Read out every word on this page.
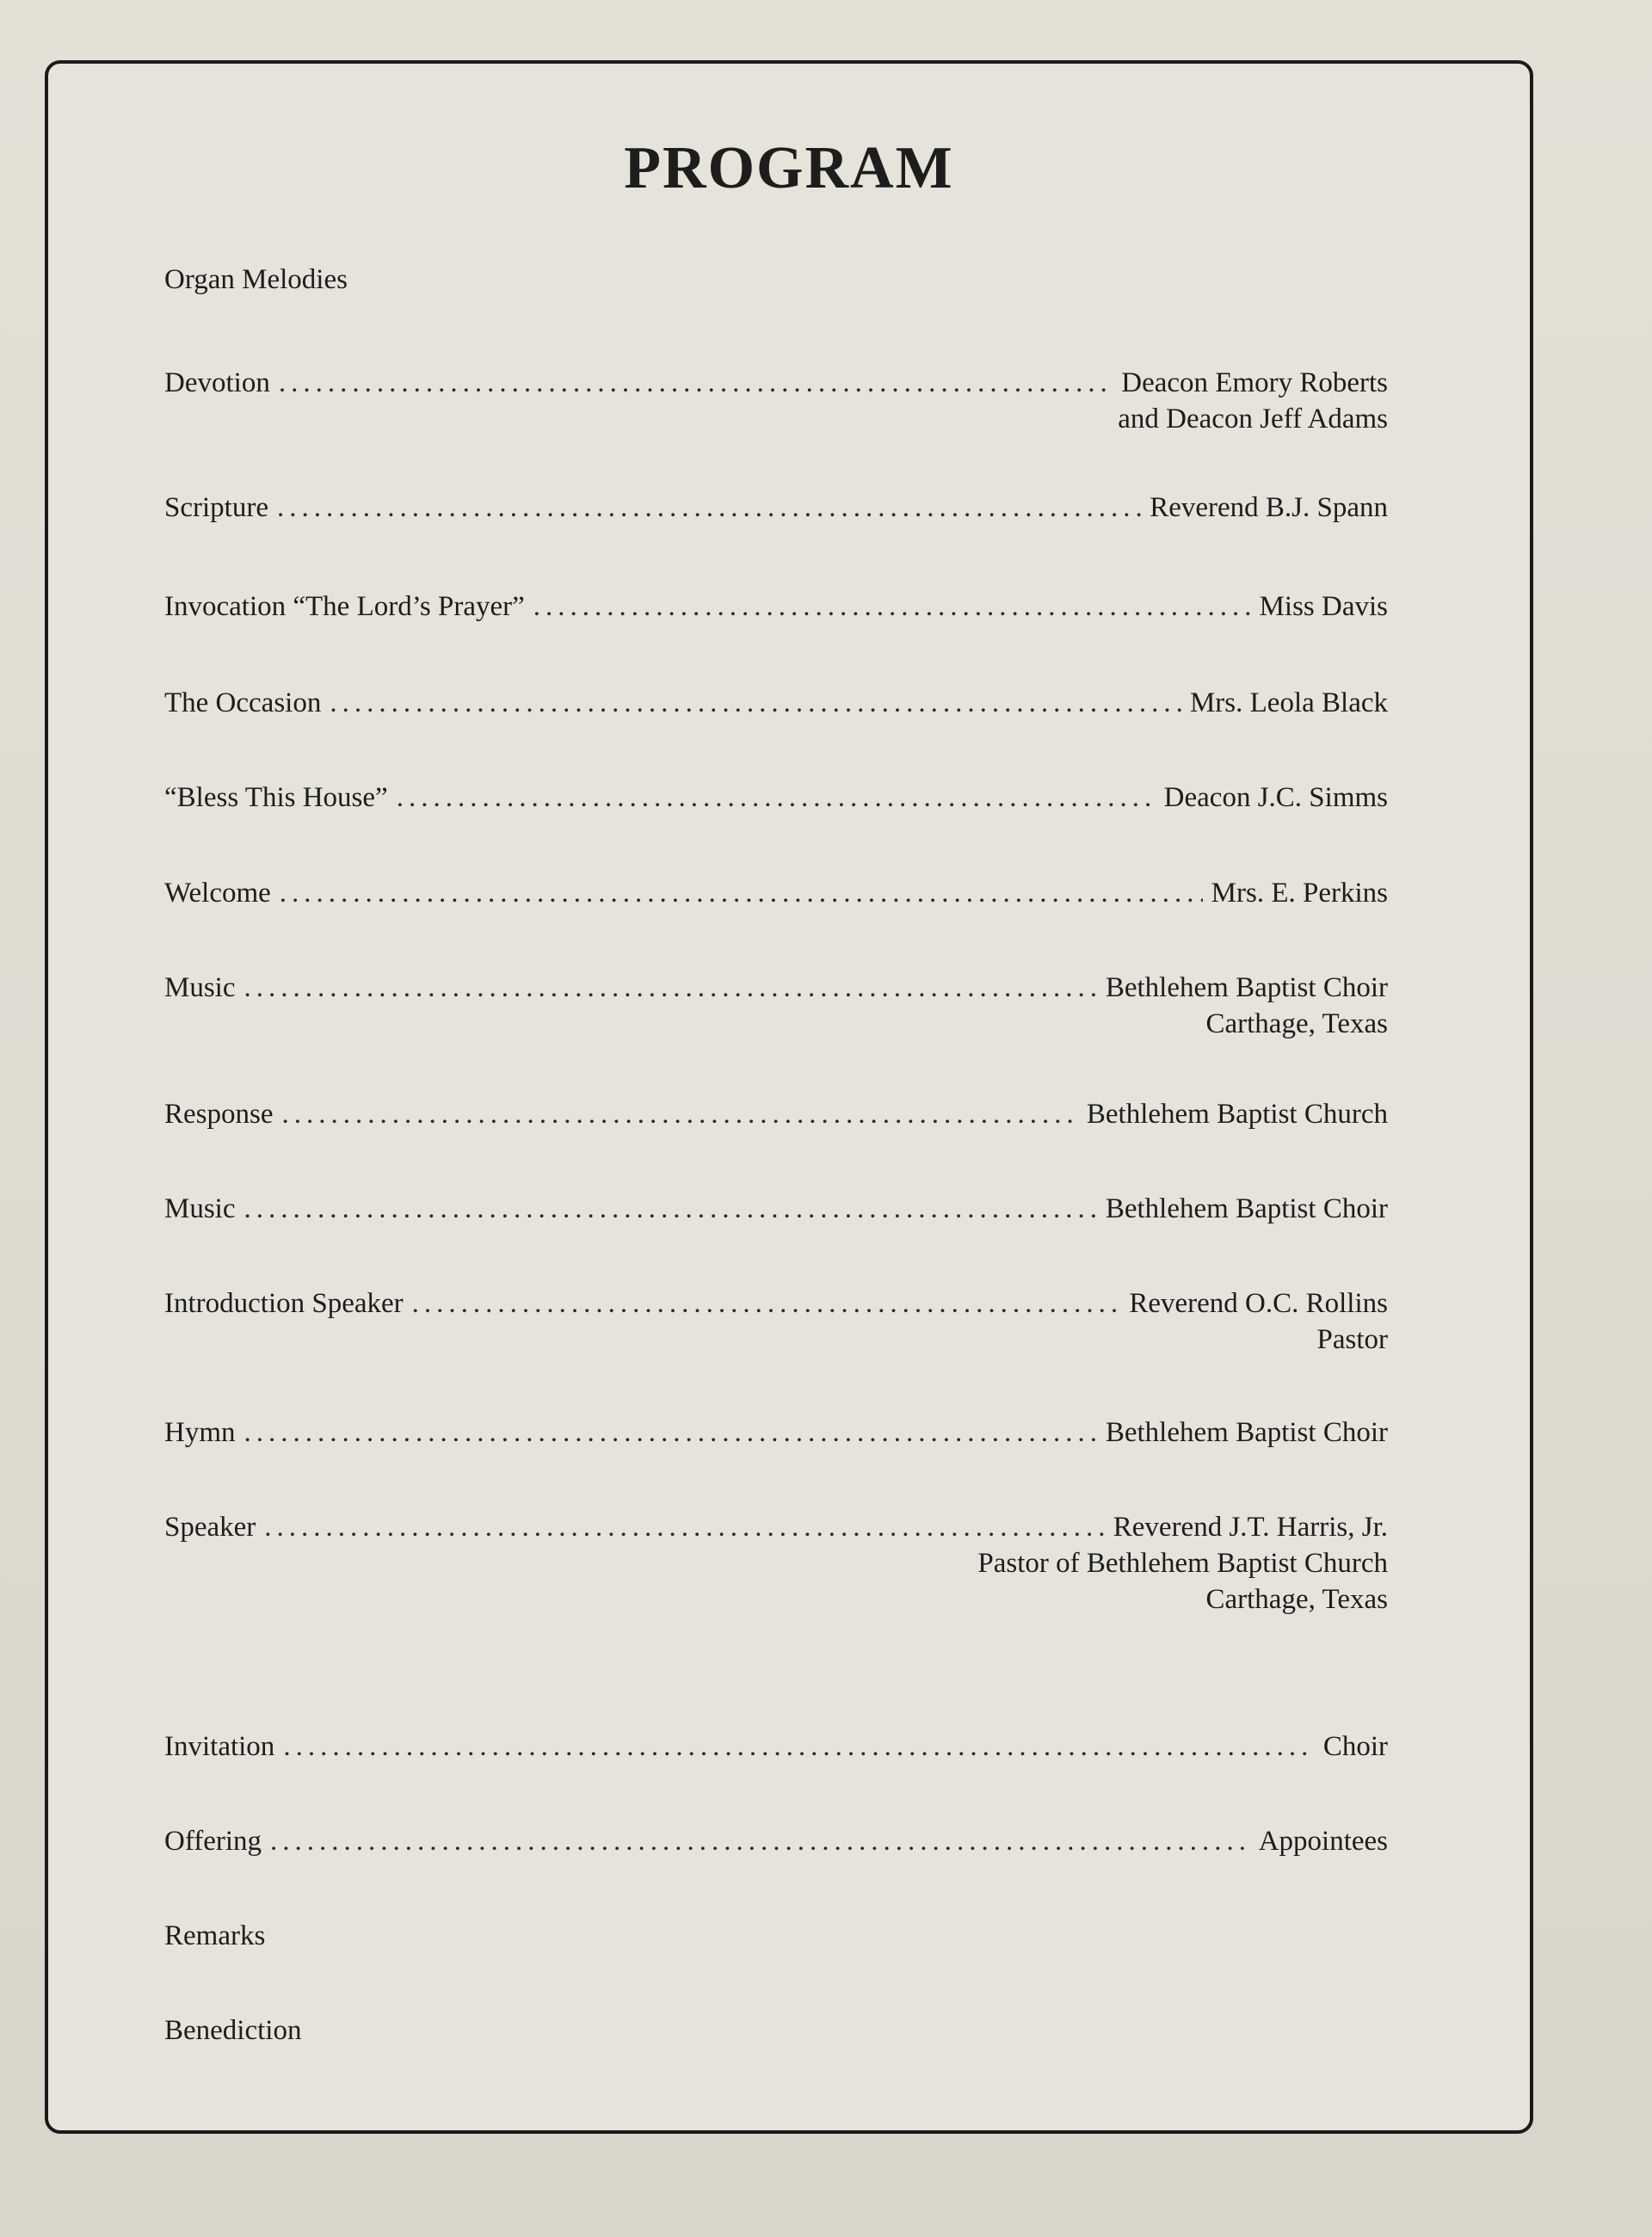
PROGRAM
Organ Melodies
Devotion .....	Deacon Emory Roberts
and Deacon Jeff Adams
Scripture .....	Reverend B.J. Spann
Invocation “The Lord’s Prayer” .....	Miss Davis
The Occasion .....	Mrs. Leola Black
“Bless This House” .....	Deacon J.C. Simms
Welcome .....	Mrs. E. Perkins
Music .....	Bethlehem Baptist Choir
Carthage, Texas
Response .....	Bethlehem Baptist Church
Music .....	Bethlehem Baptist Choir
Introduction Speaker .....	Reverend O.C. Rollins
Pastor
Hymn .....	Bethlehem Baptist Choir
Speaker .....	Reverend J.T. Harris, Jr.
Pastor of Bethlehem Baptist Church
Carthage, Texas
Invitation .....	Choir
Offering .....	Appointees
Remarks
Benediction
